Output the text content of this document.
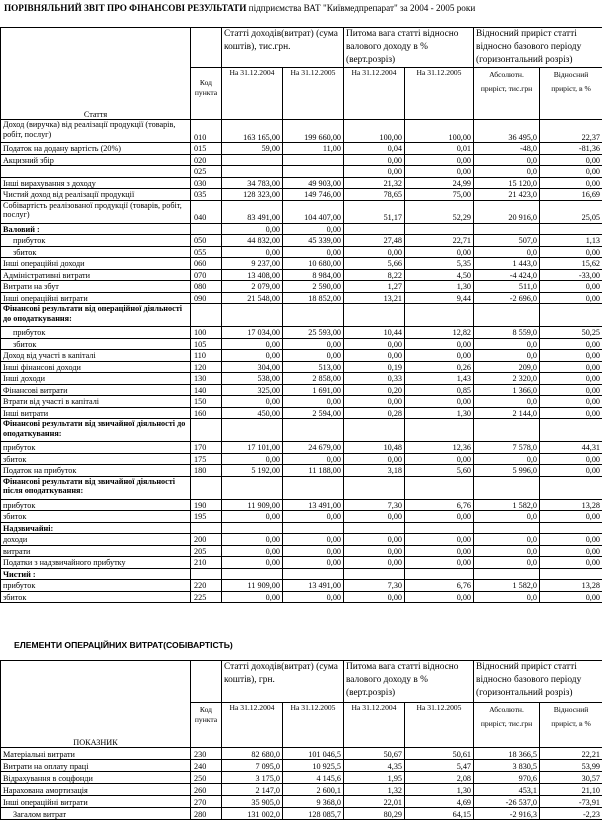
ПОРІВНЯЛЬНИЙ ЗВІТ ПРО ФІНАНСОВІ РЕЗУЛЬТАТИ підприємства ВАТ "Київмедпрепарат" за 2004 - 2005 роки
Стаття		Статті доходів(витрат) (сума коштів), тис.грн.		Питома вага статті відносно валового доходу в %(верт.розріз)		Відносний приріст статті відносно базового періоду (горизонтальний розріз)	
	Код пункта	На 31.12.2004	На 31.12.2005	На 31.12.2004	На 31.12.2005	Абсолютн. приріст, тис.грн	Відносний приріст, в %
Доход (виручка) від реалізації продукції (товарів, робіт, послуг)	010	163 165,00	199 660,00	100,00	100,00	36 495,0	22,37
Податок на додану вартість (20%)	015	59,00	11,00	0,04	0,01	-48,0	-81,36
Акцизний збір	020			0,00	0,00	0,0	0,00
	025			0,00	0,00	0,0	0,00
Інші вирахування з доходу	030	34 783,00	49 903,00	21,32	24,99	15 120,0	0,00
Чистий доход від реалізації продукції	035	128 323,00	149 746,00	78,65	75,00	21 423,0	16,69
Собівартість реалізованої продукції (товарів, робіт, послуг)	040	83 491,00	104 407,00	51,17	52,29	20 916,0	25,05
Валовий :		0,00	0,00				
прибуток	050	44 832,00	45 339,00	27,48	22,71	507,0	1,13
збиток	055	0,00	0,00	0,00	0,00	0,0	0,00
Інші операційні доходи	060	9 237,00	10 680,00	5,66	5,35	1 443,0	15,62
Адміністративні витрати	070	13 408,00	8 984,00	8,22	4,50	-4 424,0	-33,00
Витрати на збут	080	2 079,00	2 590,00	1,27	1,30	511,0	0,00
Інші операційні витрати	090	21 548,00	18 852,00	13,21	9,44	-2 696,0	0,00
Фінансові результати від операційної діяльності до оподаткування:							
прибуток	100	17 034,00	25 593,00	10,44	12,82	8 559,0	50,25
збиток	105	0,00	0,00	0,00	0,00	0,0	0,00
Доход від участі в капіталі	110	0,00	0,00	0,00	0,00	0,0	0,00
Інші фінансові доходи	120	304,00	513,00	0,19	0,26	209,0	0,00
Інші доходи	130	538,00	2 858,00	0,33	1,43	2 320,0	0,00
Фінансові витрати	140	325,00	1 691,00	0,20	0,85	1 366,0	0,00
Втрати від участі в капіталі	150	0,00	0,00	0,00	0,00	0,0	0,00
Інші витрати	160	450,00	2 594,00	0,28	1,30	2 144,0	0,00
Фінансові результати від звичайної діяльності до оподаткування:							
прибуток	170	17 101,00	24 679,00	10,48	12,36	7 578,0	44,31
збиток	175	0,00	0,00	0,00	0,00	0,0	0,00
Податок на прибуток	180	5 192,00	11 188,00	3,18	5,60	5 996,0	0,00
Фінансові результати від звичайної діяльності після оподаткування:							
прибуток	190	11 909,00	13 491,00	7,30	6,76	1 582,0	13,28
збиток	195	0,00	0,00	0,00	0,00	0,0	0,00
Надзвичайні:							
доходи	200	0,00	0,00	0,00	0,00	0,0	0,00
витрати	205	0,00	0,00	0,00	0,00	0,0	0,00
Податки з надзвичайного прибутку	210	0,00	0,00	0,00	0,00	0,0	0,00
Чистий :							
прибуток	220	11 909,00	13 491,00	7,30	6,76	1 582,0	13,28
збиток	225	0,00	0,00	0,00	0,00	0,0	0,00
ЕЛЕМЕНТИ ОПЕРАЦІЙНИХ ВИТРАТ(СОБІВАРТІСТЬ)
ПОКАЗНИК		Статті доходів(витрат) (сума коштів), грн.		Питома вага статті відносно валового доходу в %(верт.розріз)		Відносний приріст статті відносно базового періоду (горизонтальний розріз)	
	Код пункта	На 31.12.2004	На 31.12.2005	На 31.12.2004	На 31.12.2005	Абсолютн. приріст, тис.грн	Відносний приріст, в %
Матеріальні витрати	230	82 680,0	101 046,5	50,67	50,61	18 366,5	22,21
Витрати на оплату праці	240	7 095,0	10 925,5	4,35	5,47	3 830,5	53,99
Відрахування в соцфонди	250	3 175,0	4 145,6	1,95	2,08	970,6	30,57
Нарахована амортизація	260	2 147,0	2 600,1	1,32	1,30	453,1	21,10
Інші операційні витрати	270	35 905,0	9 368,0	22,01	4,69	-26 537,0	-73,91
Загалом витрат	280	131 002,0	128 085,7	80,29	64,15	-2 916,3	-2,23
